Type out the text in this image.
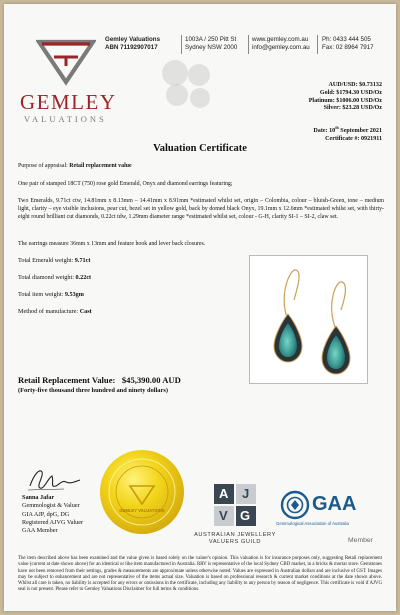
GEMLEY
VALUATIONS
Gemley Valuations
ABN 71192907017
1003A / 250 Pitt St
Sydney NSW 2000
www.gemley.com.au
info@gemley.com.au
Ph: 0433 444 505
Fax: 02 8964 7917
AUD/USD: $0.73132
Gold: $1794.30 USD/Oz
Platinum: $1006.00 USD/Oz
Silver: $23.28 USD/Oz
Date: 10th September 2021
Certificate #: 0921911
Valuation Certificate
Purpose of appraisal: Retail replacement value
One pair of stamped 18CT (750) rose gold Emerald, Onyx and diamond earrings featuring;
Two Emeralds, 9.71ct ctw, 14.81mm x 8.13mm – 14.41mm x 8.91mm *estimated whilst set, origin – Colombia, colour – bluish-Green, tone – medium light, clarity – eye visible inclusions, pear cut, bezel set in yellow gold, back by domed black Onyx, 19.1mm x 12.6mm *estimated whilst set, with thirty-eight round brilliant cut diamonds, 0.22ct tdw, 1.29mm diameter range *estimated whilst set, colour - G-H, clarity SI-1 – SI-2, claw set.
The earrings measure 36mm x 13mm and feature hook and lever back closures.
Total Emerald weight: 9.71ct
Total diamond weight: 0.22ct
Total item weight: 9.53gm
Method of manufacture: Cast
Retail Replacement Value: $45,390.00 AUD
(Forty-five thousand three hundred and ninety dollars)
Sanna Jafar
Gemmologist & Valuer
GIA AJP, dpG, DG
Registered AJVG Valuer
GAA Member
GEMLEY VALUATIONS
A J
V G
AUSTRALIAN JEWELLERY
VALUERS GUILD
GAA
Gemmological Association of Australia
Member
The item described above has been examined and the value given is based solely on the valuer's opinion. This valuation is for insurance purposes only, suggesting Retail replacement value (current at date shown above) for an identical or like item manufactured in Australia. RRV is representative of the local Sydney CBD market, in a bricks & mortar store. Gemstones have not been removed from their settings, grades & measurements are approximate unless otherwise noted. Values are expressed in Australian dollars and are inclusive of GST. Images may be subject to enhancement and are not representative of the items actual size. Valuation is based on professional research & current market conditions at the date shown above. Whilst all care is taken, no liability is accepted for any errors or omissions in the certificate, including any liability to any person by reason of negligence. This certificate is void if AJVG seal is not present. Please refer to Gemley Valuations Disclaimer for full terms & conditions.
